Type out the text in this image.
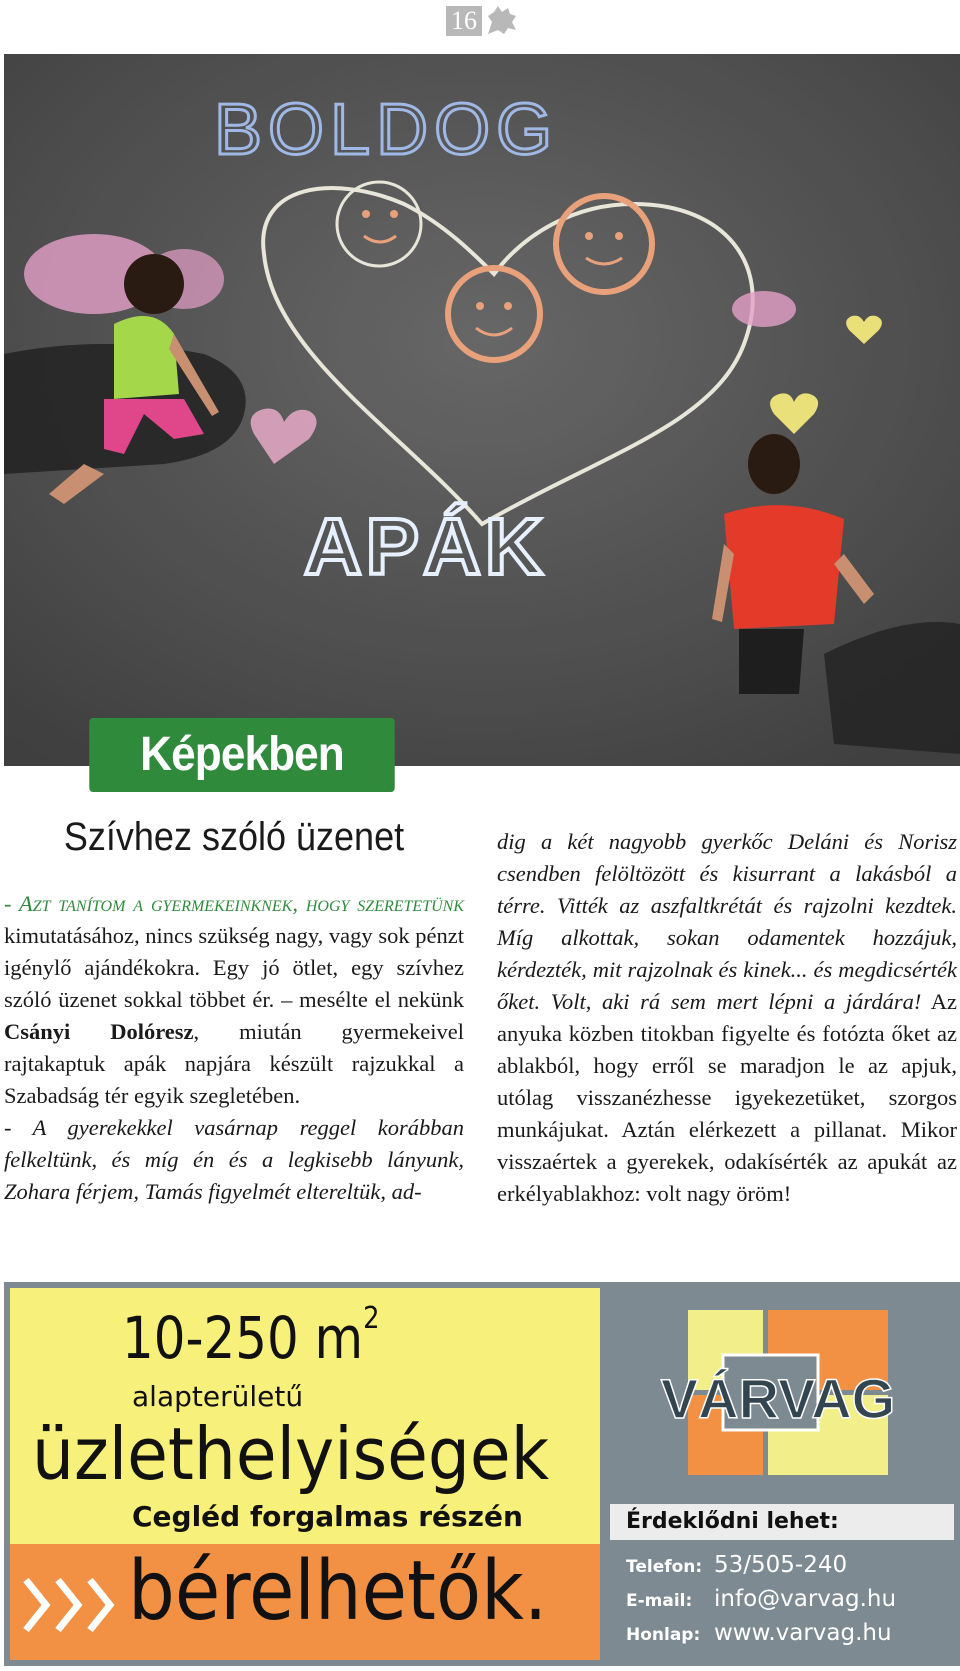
16
BOLDOG
APÁK
Képekben
Szívhez szóló üzenet
- Azt tanítom a gyermekeinknek, hogy szeretetünk kimutatásához, nincs szükség nagy, vagy sok pénzt igénylő ajándékokra. Egy jó ötlet, egy szívhez szóló üzenet sokkal többet ér. – mesélte el nekünk Csányi Dolóresz, miután gyermekeivel rajtakaptuk apák napjára készült rajzukkal a Szabadság tér egyik szegletében.
- A gyerekekkel vasárnap reggel korábban felkeltünk, és míg én és a legkisebb lányunk, Zohara férjem, Tamás figyelmét eltereltük, ad-
dig a két nagyobb gyerkőc Deláni és Norisz csendben felöltözött és kisurrant a lakásból a térre. Vitték az aszfaltkrétát és rajzolni kezdtek. Míg alkottak, sokan odamentek hozzájuk, kérdezték, mit rajzolnak és kinek... és megdicsérték őket. Volt, aki rá sem mert lépni a járdára! Az anyuka közben titokban figyelte és fotózta őket az ablakból, hogy erről se maradjon le az apjuk, utólag visszanézhesse igyekezetüket, szorgos munkájukat. Aztán elérkezett a pillanat. Mikor visszaértek a gyerekek, odakísérték az apukát az erkélyablakhoz: volt nagy öröm!
10-250 $m^2$
alapterületű
üzlethelyiségek
Cegléd forgalmas részén
bérelhetők.
VÁRVAG
Érdeklődni lehet:
Telefon: 53/505-240
E-mail: info@varvag.hu
Honlap: www.varvag.hu
